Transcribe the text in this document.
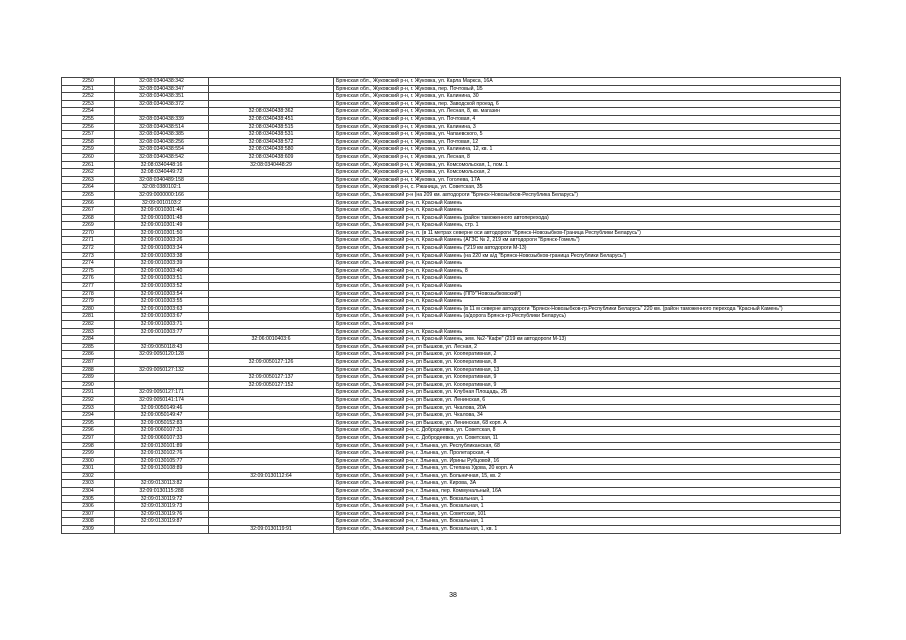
2250	32:08:0340438:342		Брянская обл., Жуковский р-н, г. Жуковка, ул. Карла Маркса, 16А
2251	32:08:0340438:347		Брянская обл., Жуковский р-н, г. Жуковка, пер. Почтовый, 1Б
2252	32:08:0340438:351		Брянская обл., Жуковский р-н, г. Жуковка, ул. Калинина, 30
2253	32:08:0340438:372		Брянская обл., Жуковский р-н, г. Жуковка, пер. Заводской проезд, 6
2254		32:08:0340438:362	Брянская обл., Жуковский р-н, г. Жуковка, ул. Лесная, 8, кв. магазин
2255	32:08:0340438:339	32:08:0340438:451	Брянская обл., Жуковский р-н, г. Жуковка, ул. Почтовая, 4
2256	32:08:0340438:514	32:08:0340438:515	Брянская обл., Жуковский р-н, г. Жуковка, ул. Калинина, 3
2257	32:08:0340438:385	32:08:0340438:531	Брянская обл., Жуковский р-н, г. Жуковка, ул. Чапаевского, 5
2258	32:08:0340438:256	32:08:0340438:572	Брянская обл., Жуковский р-н, г. Жуковка, ул. Почтовая, 12
2259	32:08:0340438:554	32:08:0340438:580	Брянская обл., Жуковский р-н, г. Жуковка, ул. Калинина, 12, кв. 1
2260	32:08:0340438:542	32:08:0340438:609	Брянская обл., Жуковский р-н, г. Жуковка, ул. Лесная, 8
2261	32:08:0340448:16	32:08:0340448:29	Брянская обл., Жуковский р-н, г. Жуковка, ул. Комсомольская, 1, пом. 1
2262	32:08:0340449:72		Брянская обл., Жуковский р-н, г. Жуковка, ул. Комсомольская, 2
2263	32:08:0340489:158		Брянская обл., Жуковский р-н, г. Жуковка, ул. Гоголева, 17А
2264	32:08:0380102:1		Брянская обл., Жуковский р-н, с. Ржаница, ул. Советская, 35
2265	32:09:0000000:166		Брянская обл., Злынковский р-н (на 209 км. автодороги "Брянск-Новозыбков-Республика Беларусь")
2266	32:09:0010103:2		Брянская обл., Злынковский р-н, п. Красный Камень
2267	32:09:0010301:46		Брянская обл., Злынковский р-н, п. Красный Камень
2268	32:09:0010301:48		Брянская обл., Злынковский р-н, п. Красный Камень (район таможенного автоперехода)
2269	32:09:0010301:49		Брянская обл., Злынковский р-н, п. Красный Камень, стр. 1
2270	32:09:0010301:50		Брянская обл., Злынковский р-н, п. (в 11 метрах северне оси автодороги "Брянск-Новозыбков-Граница Республики Беларусь")
2271	32:09:0010303:26		Брянская обл., Злынковский р-н, п. Красный Камень (АГЗС № 2, 219 км автодороги "Брянск-Гомель")
2272	32:09:0010303:34		Брянская обл., Злынковский р-н, п. Красный Камень ("219 км автодороги М-13)
2273	32:09:0010303:38		Брянская обл., Злынковский р-н, п. Красный Камень (на 220 км а/д "Брянск-Новозыбков-граница Республики Беларусь")
2274	32:09:0010303:39		Брянская обл., Злынковский р-н, п. Красный Камень
2275	32:09:0010303:40		Брянская обл., Злынковский р-н, п. Красный Камень, 8
2276	32:09:0010303:51		Брянская обл., Злынковский р-н, п. Красный Камень
2277	32:09:0010303:52		Брянская обл., Злынковский р-н, п. Красный Камень
2278	32:09:0010303:54		Брянская обл., Злынковский р-н, п. Красный Камень (ППУ"Новозыбковский")
2279	32:09:0010303:55		Брянская обл., Злынковский р-н, п. Красный Камень
2280	32:09:0010303:63		Брянская обл., Злынковский р-н, п. Красный Камень (в 11 м северне автодороги "Брянск-Новозыбков-гр.Республики Беларусь" 220 км. (район таможенного перехода "Красный Камень")
2281	32:09:0010303:67		Брянская обл., Злынковский р-н, п. Красный Камень (а/дорога Брянск-гр.Республики Беларусь)
2282	32:09:0010303:71		Брянская обл., Злынковский р-н
2283	32:09:0010303:77		Брянская обл., Злынковский р-н, п. Красный Камень
2284		32:06:0010403:6	Брянская обл., Злынковский р-н, п. Красный Камень, зем. №2-"Кафе" (219 км автодороги М-13)
2285	32:09:0050118:43		Брянская обл., Злынковский р-н, рп Вышков, ул. Лесная, 2
2286	32:09:0050120:128		Брянская обл., Злынковский р-н, рп Вышков, ул. Кооперативная, 2
2287		32:09:0050127:126	Брянская обл., Злынковский р-н, рп Вышков, ул. Кооперативная, 8
2288	32:09:0050127:132		Брянская обл., Злынковский р-н, рп Вышков, ул. Кооперативная, 13
2289		32:09:0050127:137	Брянская обл., Злынковский р-н, рп Вышков, ул. Кооперативная, 9
2290		32:09:0050127:152	Брянская обл., Злынковский р-н, рп Вышков, ул. Кооперативная, 9
2291	32:09:0050127:171		Брянская обл., Злынковский р-н, рп Вышков, ул. Клубная Площадь, 2Б
2292	32:09:0050141:174		Брянская обл., Злынковский р-н, рп Вышков, ул. Ленинская, 6
2293	32:09:0050149:46		Брянская обл., Злынковский р-н, рп Вышков, ул. Чкалова, 20А
2294	32:09:0050149:47		Брянская обл., Злынковский р-н, рп Вышков, ул. Чкалова, 34
2295	32:09:0050152:83		Брянская обл., Злынковский р-н, рп Вышков, ул. Ленинская, 68 корп. А
2296	32:09:0060107:31		Брянская обл., Злынковский р-н, с. Добродеевка, ул. Советская, 8
2297	32:09:0060107:33		Брянская обл., Злынковский р-н, с. Добродеевка, ул. Советская, 11
2298	32:09:0130101:89		Брянская обл., Злынковский р-н, г. Злынка, ул. Республиканская, 68
2299	32:09:0130102:76		Брянская обл., Злынковский р-н, г. Злынка, ул. Пролетарская, 4
2300	32:09:0130105:77		Брянская обл., Злынковский р-н, г. Злынка, ул. Ирины Рубцовой, 16
2301	32:09:0130108:89		Брянская обл., Злынковский р-н, г. Злынка, ул. Степана Удова, 20 корп. А
2302		32:09:0130112:64	Брянская обл., Злынковский р-н, г. Злынка, ул. Больничная, 15, кв. 2
2303	32:09:0130113:82		Брянская обл., Злынковский р-н, г. Злынка, ул. Кирова, 3А
2304	32:09:0130115:288		Брянская обл., Злынковский р-н, г. Злынка, пер. Коммунальный, 16А
2305	32:09:0130119:72		Брянская обл., Злынковский р-н, г. Злынка, ул. Вокзальная, 1
2306	32:09:0130119:73		Брянская обл., Злынковский р-н, г. Злынка, ул. Вокзальная, 1
2307	32:09:0130119:76		Брянская обл., Злынковский р-н, г. Злынка, ул. Советская, 101
2308	32:09:0130119:87		Брянская обл., Злынковский р-н, г. Злынка, ул. Вокзальная, 1
2309		32:09:0130119:91	Брянская обл., Злынковский р-н, г. Злынка, ул. Вокзальная, 1, кв. 1
38
